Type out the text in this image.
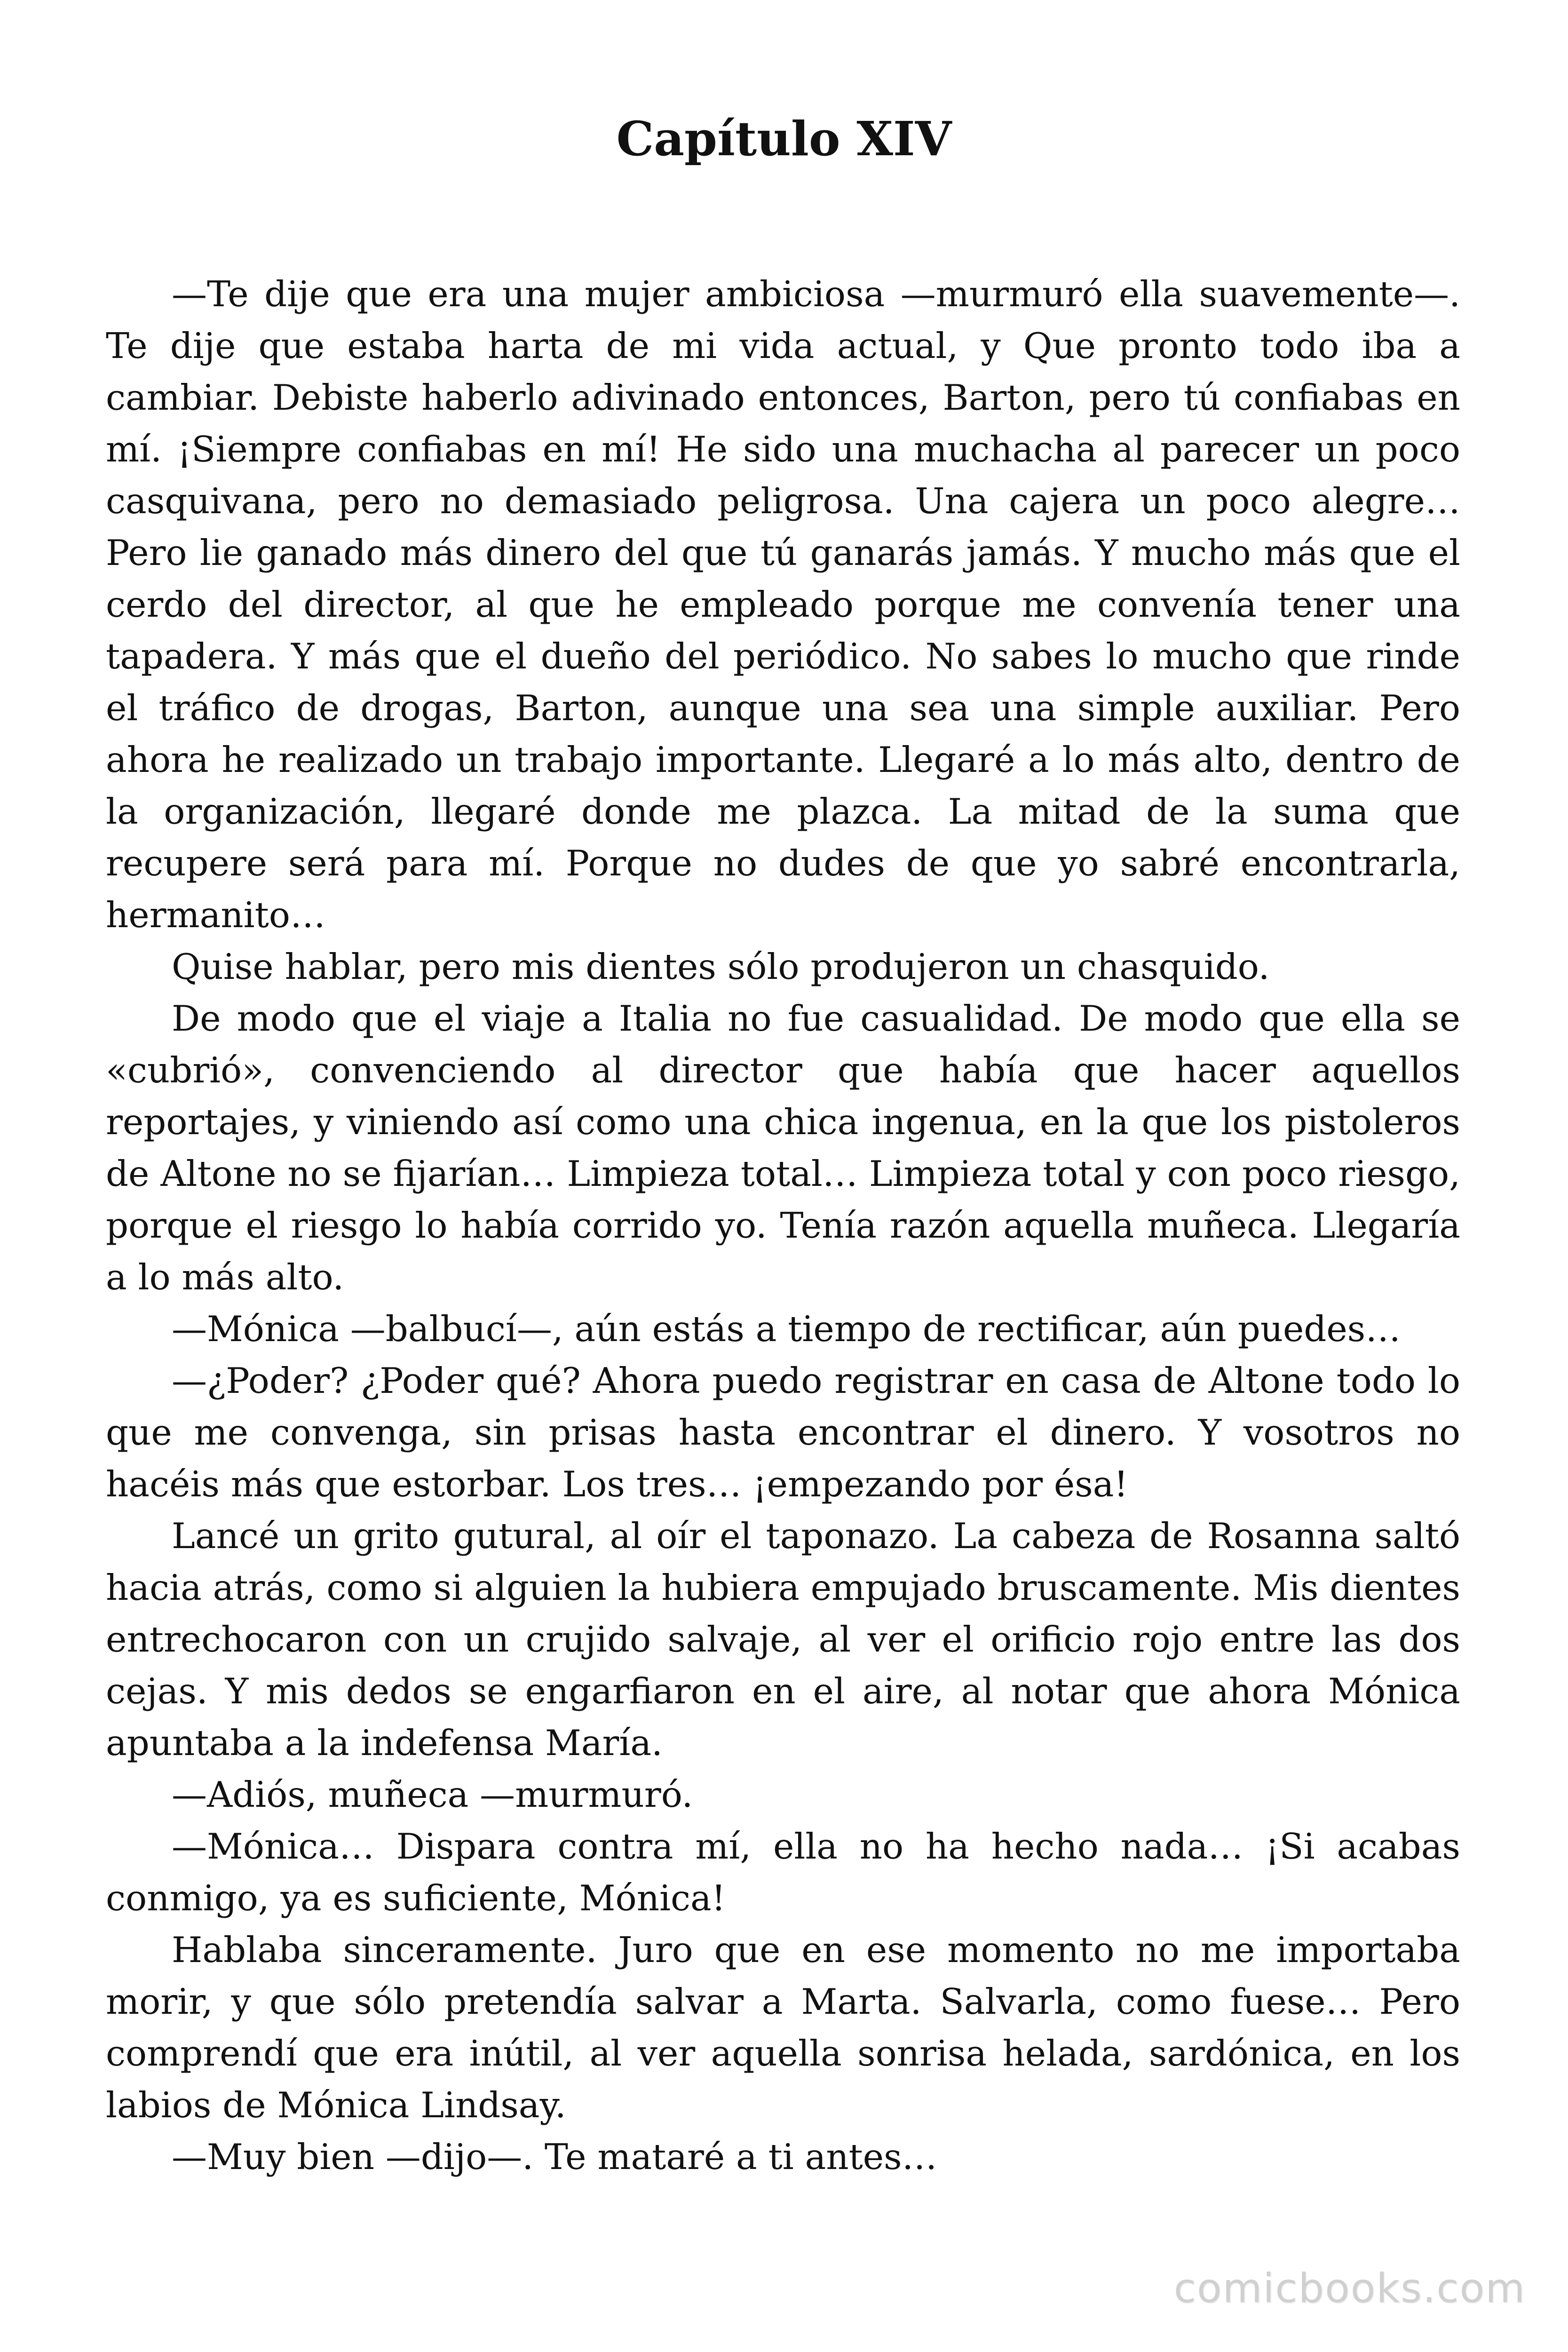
Capítulo XIV

—Te dije que era una mujer ambiciosa —murmuró ella suavemente—. Te dije que estaba harta de mi vida actual, y Que pronto todo iba a cambiar. Debiste haberlo adivinado entonces, Barton, pero tú confiabas en mí. ¡Siempre confiabas en mí! He sido una muchacha al parecer un poco casquivana, pero no demasiado peligrosa. Una cajera un poco alegre… Pero lie ganado más dinero del que tú ganarás jamás. Y mucho más que el cerdo del director, al que he empleado porque me convenía tener una tapadera. Y más que el dueño del periódico. No sabes lo mucho que rinde el tráfico de drogas, Barton, aunque una sea una simple auxiliar. Pero ahora he realizado un trabajo importante. Llegaré a lo más alto, dentro de la organización, llegaré donde me plazca. La mitad de la suma que recupere será para mí. Porque no dudes de que yo sabré encontrarla, hermanito…

Quise hablar, pero mis dientes sólo produjeron un chasquido.

De modo que el viaje a Italia no fue casualidad. De modo que ella se «cubrió», convenciendo al director que había que hacer aquellos reportajes, y viniendo así como una chica ingenua, en la que los pistoleros de Altone no se fijarían… Limpieza total… Limpieza total y con poco riesgo, porque el riesgo lo había corrido yo. Tenía razón aquella muñeca. Llegaría a lo más alto.

—Mónica —balbucí—, aún estás a tiempo de rectificar, aún puedes…

—¿Poder? ¿Poder qué? Ahora puedo registrar en casa de Altone todo lo que me convenga, sin prisas hasta encontrar el dinero. Y vosotros no hacéis más que estorbar. Los tres… ¡empezando por ésa!

Lancé un grito gutural, al oír el taponazo. La cabeza de Rosanna saltó hacia atrás, como si alguien la hubiera empujado bruscamente. Mis dientes entrechocaron con un crujido salvaje, al ver el orificio rojo entre las dos cejas. Y mis dedos se engarfiaron en el aire, al notar que ahora Mónica apuntaba a la indefensa María.

—Adiós, muñeca —murmuró.

—Mónica… Dispara contra mí, ella no ha hecho nada… ¡Si acabas conmigo, ya es suficiente, Mónica!

Hablaba sinceramente. Juro que en ese momento no me importaba morir, y que sólo pretendía salvar a Marta. Salvarla, como fuese… Pero comprendí que era inútil, al ver aquella sonrisa helada, sardónica, en los labios de Mónica Lindsay.

—Muy bien —dijo—. Te mataré a ti antes…

comicbooks.com
